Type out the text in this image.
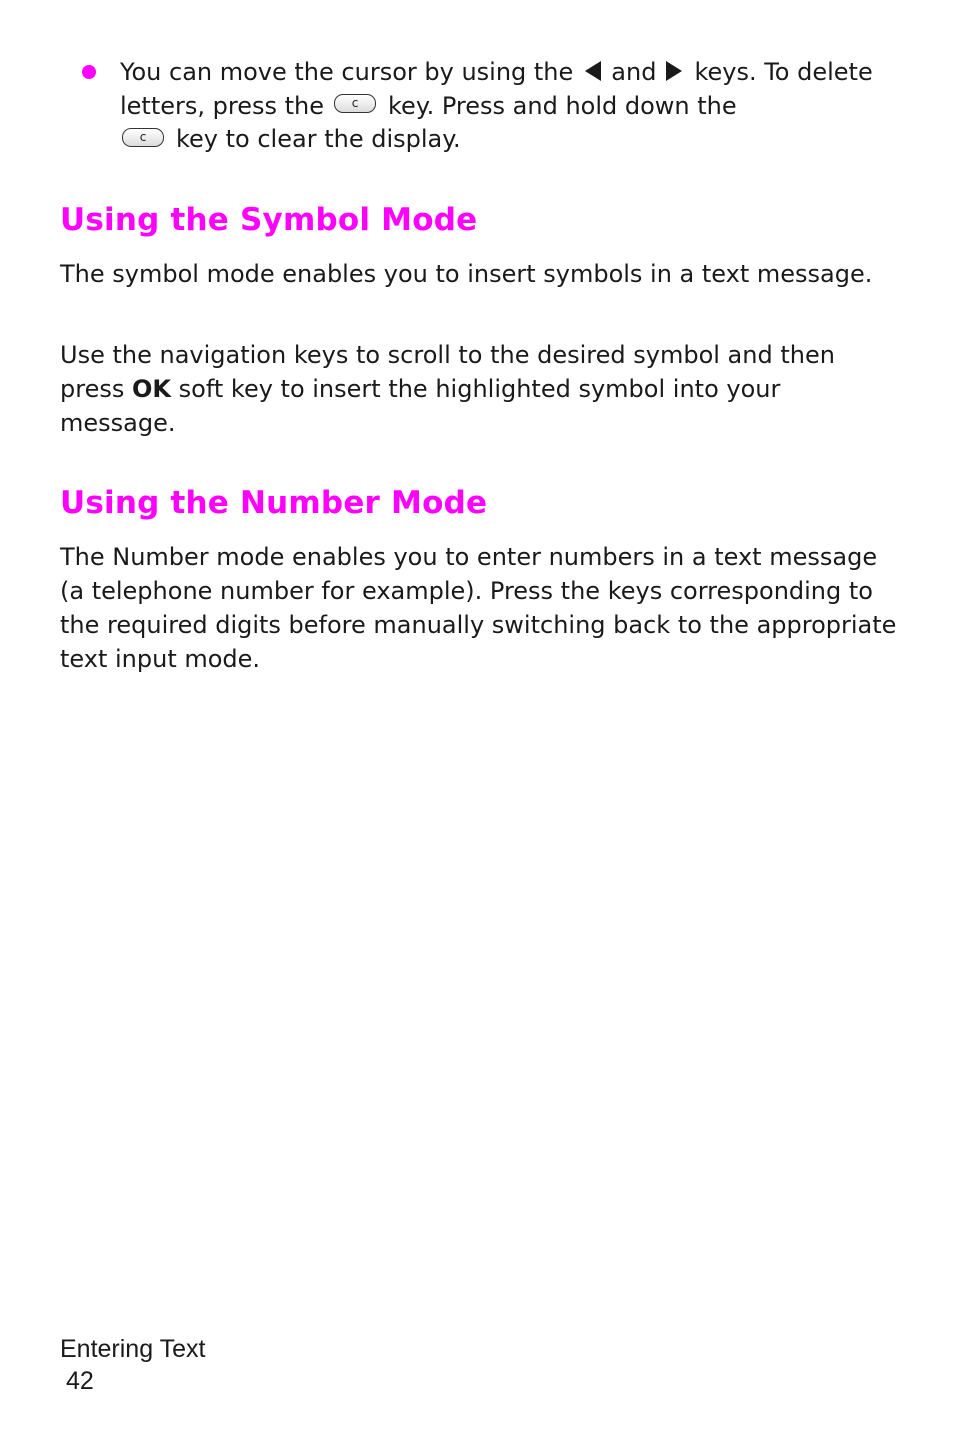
You can move the cursor by using the and keys. To delete letters, press the c key. Press and hold down the
c key to clear the display.
Using the Symbol Mode

The symbol mode enables you to insert symbols in a text message.

Use the navigation keys to scroll to the desired symbol and then press OK soft key to insert the highlighted symbol into your message.

Using the Number Mode

The Number mode enables you to enter numbers in a text message (a telephone number for example). Press the keys corresponding to the required digits before manually switching back to the appropriate text input mode.

Entering Text
42
